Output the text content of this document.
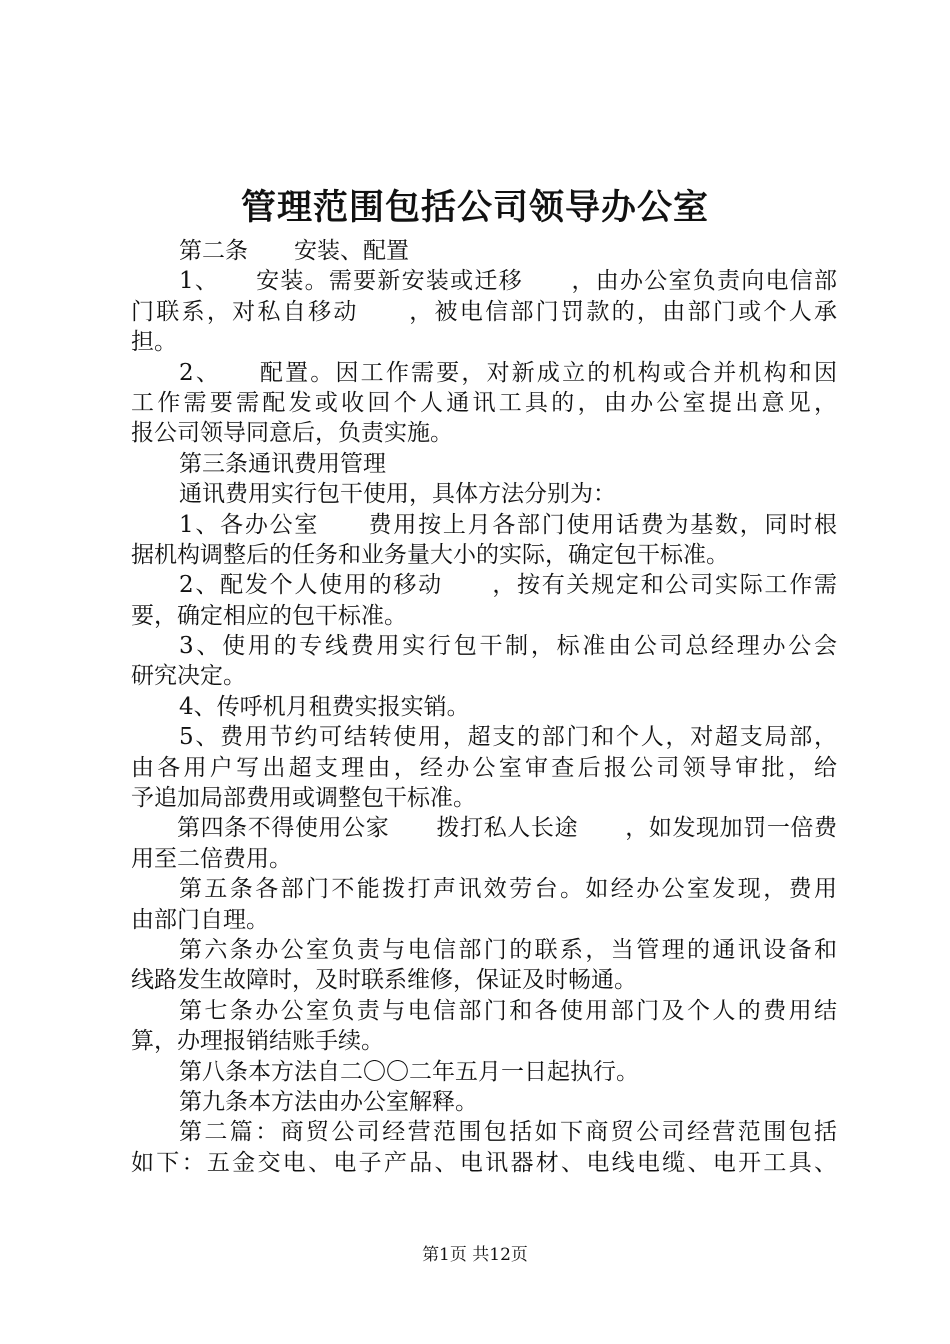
管理范围包括公司领导办公室
第二条　　安装、配置
1、　　安装。需要新安装或迁移　　，由办公室负责向电信部
门联系，对私自移动　　，被电信部门罚款的，由部门或个人承
担。
2、　　配置。因工作需要，对新成立的机构或合并机构和因
工作需要需配发或收回个人通讯工具的，由办公室提出意见，
报公司领导同意后，负责实施。
第三条通讯费用管理
通讯费用实行包干使用，具体方法分别为：
1、各办公室　　费用按上月各部门使用话费为基数，同时根
据机构调整后的任务和业务量大小的实际，确定包干标准。
2、配发个人使用的移动　　，按有关规定和公司实际工作需
要，确定相应的包干标准。
3、使用的专线费用实行包干制，标准由公司总经理办公会
研究决定。
4、传呼机月租费实报实销。
5、费用节约可结转使用，超支的部门和个人，对超支局部，
由各用户写出超支理由，经办公室审查后报公司领导审批，给
予追加局部费用或调整包干标准。
第四条不得使用公家　　拨打私人长途　　，如发现加罚一倍费
用至二倍费用。
第五条各部门不能拨打声讯效劳台。如经办公室发现，费用
由部门自理。
第六条办公室负责与电信部门的联系，当管理的通讯设备和
线路发生故障时，及时联系维修，保证及时畅通。
第七条办公室负责与电信部门和各使用部门及个人的费用结
算，办理报销结账手续。
第八条本方法自二〇〇二年五月一日起执行。
第九条本方法由办公室解释。
第二篇：商贸公司经营范围包括如下商贸公司经营范围包括
如下：五金交电、电子产品、电讯器材、电线电缆、电开工具、
第1页 共12页
